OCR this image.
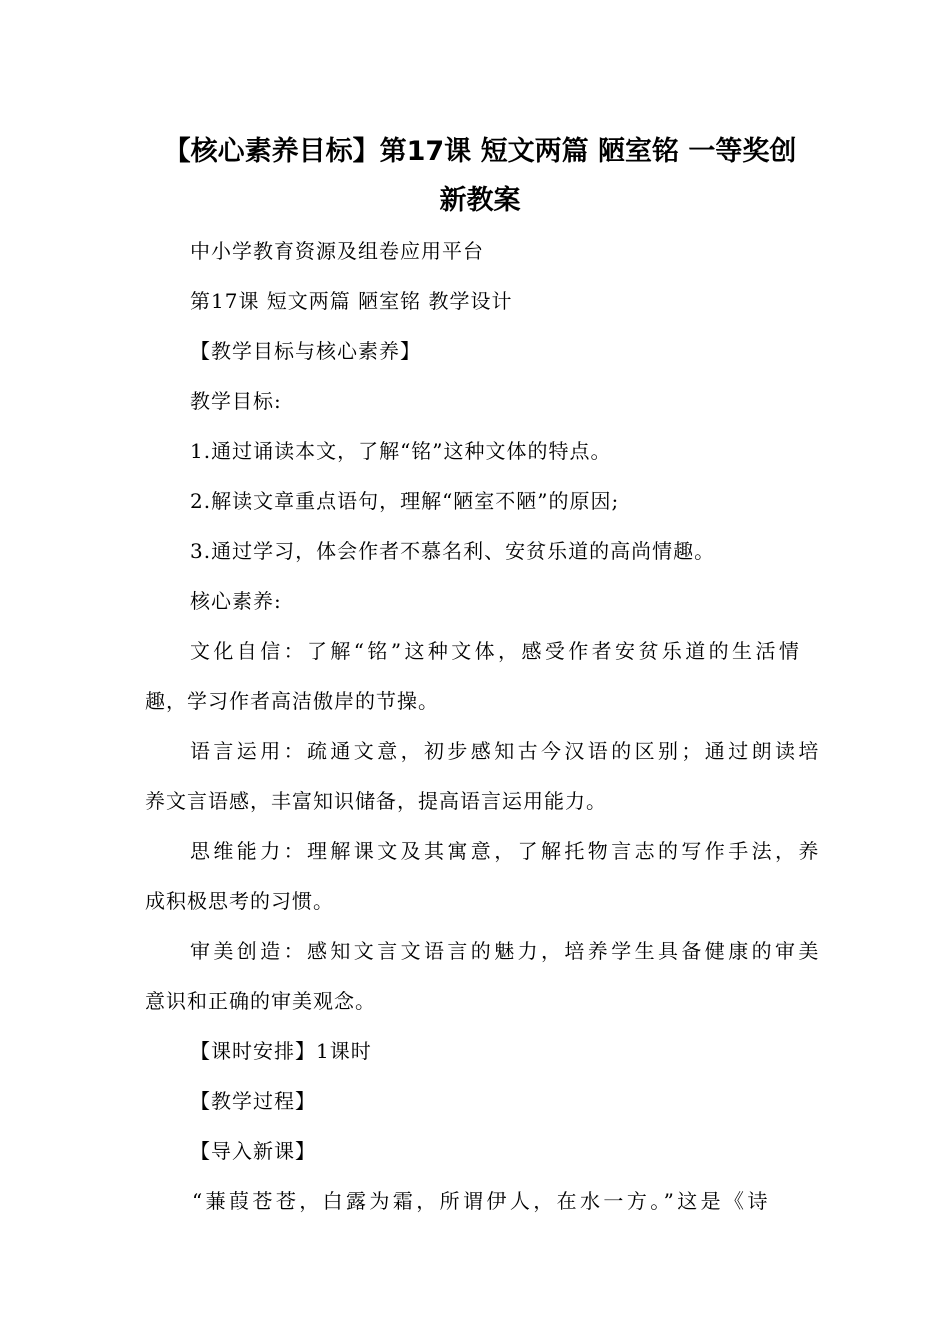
【核心素养目标】第17课 短文两篇 陋室铭 一等奖创
新教案
中小学教育资源及组卷应用平台
第17课 短文两篇 陋室铭 教学设计
【教学目标与核心素养】
教学目标:
1.通过诵读本文，了解“铭”这种文体的特点。
2.解读文章重点语句，理解“陋室不陋”的原因;
3.通过学习，体会作者不慕名利、安贫乐道的高尚情趣。
核心素养:
文化自信：了解“铭”这种文体，感受作者安贫乐道的生活情
趣，学习作者高洁傲岸的节操。
语言运用：疏通文意，初步感知古今汉语的区别；通过朗读培
养文言语感，丰富知识储备，提高语言运用能力。
思维能力：理解课文及其寓意，了解托物言志的写作手法，养
成积极思考的习惯。
审美创造：感知文言文语言的魅力，培养学生具备健康的审美
意识和正确的审美观念。
【课时安排】1课时
【教学过程】
【导入新课】
“蒹葭苍苍，白露为霜，所谓伊人，在水一方。”这是《诗
